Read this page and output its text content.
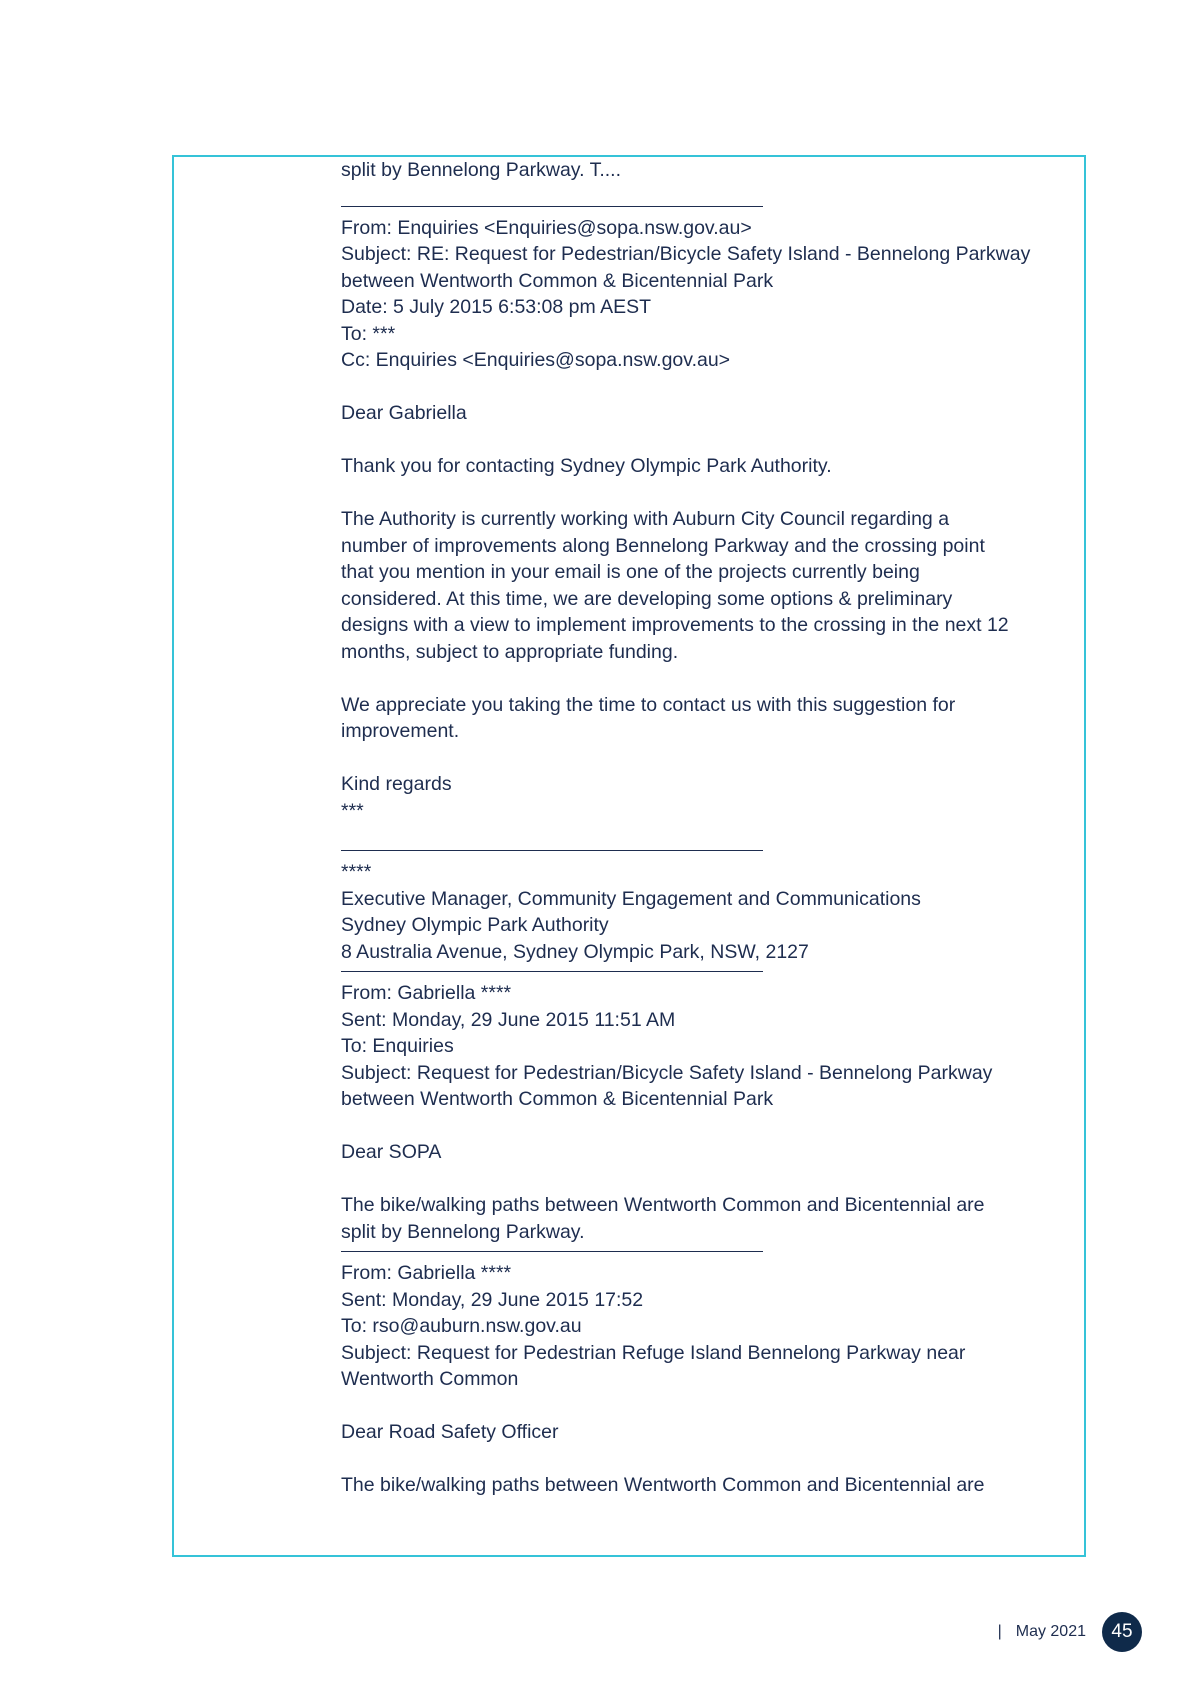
split by Bennelong Parkway. T....
From: Enquiries <Enquiries@sopa.nsw.gov.au>
Subject: RE: Request for Pedestrian/Bicycle Safety Island - Bennelong Parkway
between Wentworth Common & Bicentennial Park
Date: 5 July 2015 6:53:08 pm AEST
To: ***
Cc: Enquiries <Enquiries@sopa.nsw.gov.au>
Dear Gabriella
Thank you for contacting Sydney Olympic Park Authority.
The Authority is currently working with Auburn City Council regarding a
number of improvements along Bennelong Parkway and the crossing point
that you mention in your email is one of the projects currently being
considered. At this time, we are developing some options & preliminary
designs with a view to implement improvements to the crossing in the next 12
months, subject to appropriate funding.
We appreciate you taking the time to contact us with this suggestion for
improvement.
Kind regards
***
****
Executive Manager, Community Engagement and Communications
Sydney Olympic Park Authority
8 Australia Avenue, Sydney Olympic Park, NSW, 2127
From: Gabriella ****
Sent: Monday, 29 June 2015 11:51 AM
To: Enquiries
Subject: Request for Pedestrian/Bicycle Safety Island - Bennelong Parkway
between Wentworth Common & Bicentennial Park
Dear SOPA
The bike/walking paths between Wentworth Common and Bicentennial are
split by Bennelong Parkway.
From: Gabriella ****
Sent: Monday, 29 June 2015 17:52
To: rso@auburn.nsw.gov.au
Subject: Request for Pedestrian Refuge Island Bennelong Parkway near
Wentworth Common
Dear Road Safety Officer
The bike/walking paths between Wentworth Common and Bicentennial are
| May 2021	45
